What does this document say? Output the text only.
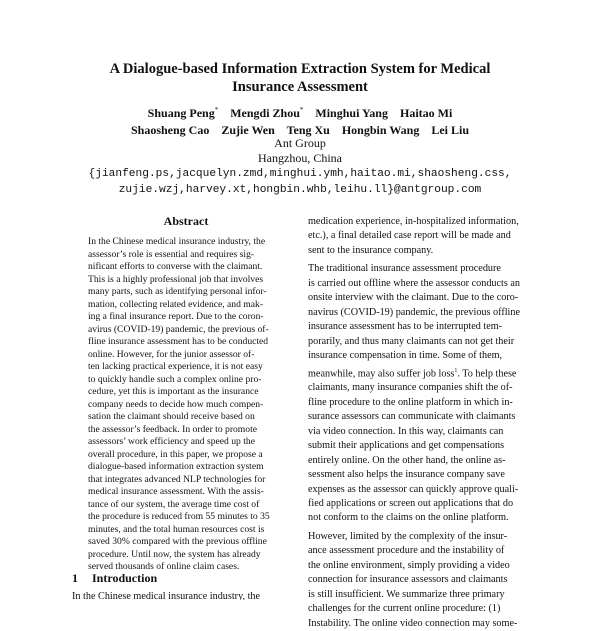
A Dialogue-based Information Extraction System for Medical
Insurance Assessment
Shuang Peng* Mengdi Zhou* Minghui Yang Haitao Mi
Shaosheng Cao Zujie Wen Teng Xu Hongbin Wang Lei Liu
Ant Group
Hangzhou, China
{jianfeng.ps,jacquelyn.zmd,minghui.ymh,haitao.mi,shaosheng.css,
zujie.wzj,harvey.xt,hongbin.whb,leihu.ll}@antgroup.com
Abstract
In the Chinese medical insurance industry, the
assessor’s role is essential and requires sig-
nificant efforts to converse with the claimant.
This is a highly professional job that involves
many parts, such as identifying personal infor-
mation, collecting related evidence, and mak-
ing a final insurance report. Due to the coron-
avirus (COVID-19) pandemic, the previous of-
fline insurance assessment has to be conducted
online. However, for the junior assessor of-
ten lacking practical experience, it is not easy
to quickly handle such a complex online pro-
cedure, yet this is important as the insurance
company needs to decide how much compen-
sation the claimant should receive based on
the assessor’s feedback. In order to promote
assessors’ work efficiency and speed up the
overall procedure, in this paper, we propose a
dialogue-based information extraction system
that integrates advanced NLP technologies for
medical insurance assessment. With the assis-
tance of our system, the average time cost of
the procedure is reduced from 55 minutes to 35
minutes, and the total human resources cost is
saved 30% compared with the previous offline
procedure. Until now, the system has already
served thousands of online claim cases.
1 Introduction
In the Chinese medical insurance industry, the
medication experience, in-hospitalized information,
etc.), a final detailed case report will be made and
sent to the insurance company.
The traditional insurance assessment procedure
is carried out offline where the assessor conducts an
onsite interview with the claimant. Due to the coro-
navirus (COVID-19) pandemic, the previous offline
insurance assessment has to be interrupted tem-
porarily, and thus many claimants can not get their
insurance compensation in time. Some of them,
meanwhile, may also suffer job loss$^1$. To help these
claimants, many insurance companies shift the of-
fline procedure to the online platform in which in-
surance assessors can communicate with claimants
via video connection. In this way, claimants can
submit their applications and get compensations
entirely online. On the other hand, the online as-
sessment also helps the insurance company save
expenses as the assessor can quickly approve quali-
fied applications or screen out applications that do
not conform to the claims on the online platform.
However, limited by the complexity of the insur-
ance assessment procedure and the instability of
the online environment, simply providing a video
connection for insurance assessors and claimants
is still insufficient. We summarize three primary
challenges for the current online procedure: (1)
Instability. The online video connection may some-
